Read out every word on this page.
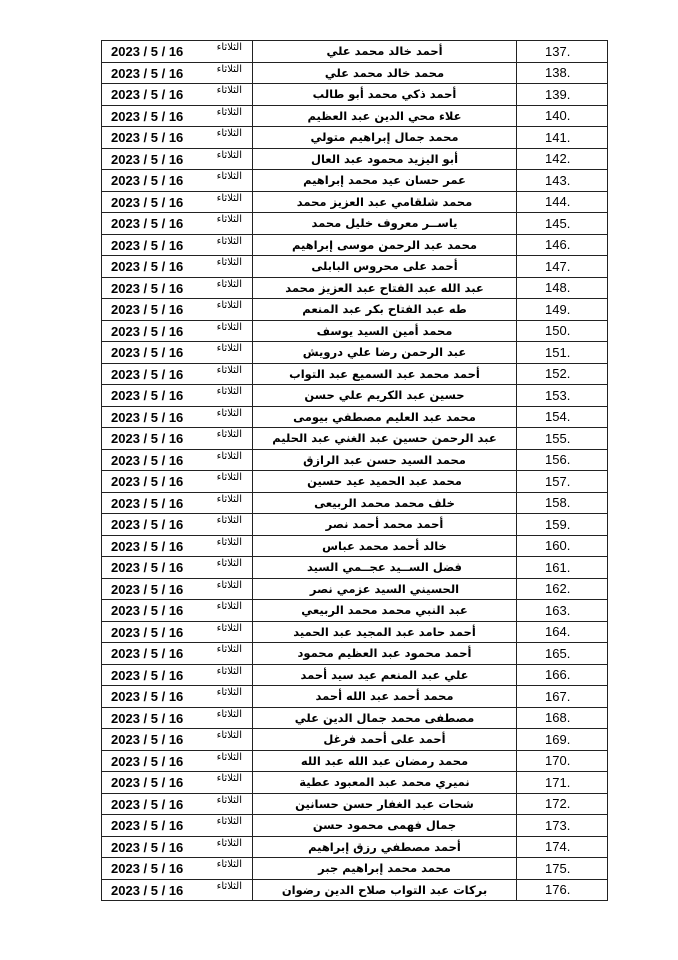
137.	أحمد خالد محمد علي	الثلاثاء
2023 / 5 / 16

138.	محمد خالد محمد علي	الثلاثاء
2023 / 5 / 16

139.	أحمد ذكي محمد أبو طالب	الثلاثاء
2023 / 5 / 16

140.	علاء محي الدين عبد العظيم	الثلاثاء
2023 / 5 / 16

141.	محمد جمال إبراهيم متولي	الثلاثاء
2023 / 5 / 16

142.	أبو اليزيد محمود عبد العال	الثلاثاء
2023 / 5 / 16

143.	عمر حسان عيد محمد إبراهيم	الثلاثاء
2023 / 5 / 16

144.	محمد شلقامي عبد العزيز محمد	الثلاثاء
2023 / 5 / 16

145.	ياســر معروف خليل محمد	الثلاثاء
2023 / 5 / 16

146.	محمد عبد الرحمن موسى إبراهيم	الثلاثاء
2023 / 5 / 16

147.	أحمد على محروس البابلى	الثلاثاء
2023 / 5 / 16

148.	عبد الله عبد الفتاح عبد العزيز محمد	الثلاثاء
2023 / 5 / 16

149.	طه عبد الفتاح بكر عبد المنعم	الثلاثاء
2023 / 5 / 16

150.	محمد أمين السيد يوسف	الثلاثاء
2023 / 5 / 16

151.	عبد الرحمن رضا علي درويش	الثلاثاء
2023 / 5 / 16

152.	أحمد محمد عبد السميع عبد التواب	الثلاثاء
2023 / 5 / 16

153.	حسين عبد الكريم علي حسن	الثلاثاء
2023 / 5 / 16

154.	محمد عبد العليم مصطفي بيومى	الثلاثاء
2023 / 5 / 16

155.	عبد الرحمن حسين عبد الغني عبد الحليم	الثلاثاء
2023 / 5 / 16

156.	محمد السيد حسن عبد الرازق	الثلاثاء
2023 / 5 / 16

157.	محمد عبد الحميد عيد حسين	الثلاثاء
2023 / 5 / 16

158.	خلف محمد محمد الربيعى	الثلاثاء
2023 / 5 / 16

159.	أحمد محمد أحمد نصر	الثلاثاء
2023 / 5 / 16

160.	خالد أحمد محمد عباس	الثلاثاء
2023 / 5 / 16

161.	فضل الســيد عجــمي السيد	الثلاثاء
2023 / 5 / 16

162.	الحسيني السيد عزمي نصر	الثلاثاء
2023 / 5 / 16

163.	عبد النبي محمد محمد الربيعي	الثلاثاء
2023 / 5 / 16

164.	أحمد حامد عبد المجيد عبد الحميد	الثلاثاء
2023 / 5 / 16

165.	أحمد محمود عبد العظيم محمود	الثلاثاء
2023 / 5 / 16

166.	علي عبد المنعم عيد سيد أحمد	الثلاثاء
2023 / 5 / 16

167.	محمد أحمد عبد الله أحمد	الثلاثاء
2023 / 5 / 16

168.	مصطفى محمد جمال الدين علي	الثلاثاء
2023 / 5 / 16

169.	أحمد على أحمد فرغل	الثلاثاء
2023 / 5 / 16

170.	محمد رمضان عبد الله عبد الله	الثلاثاء
2023 / 5 / 16

171.	نميري محمد عبد المعبود عطية	الثلاثاء
2023 / 5 / 16

172.	شحات عبد الغفار حسن حسانين	الثلاثاء
2023 / 5 / 16

173.	جمال فهمى محمود حسن	الثلاثاء
2023 / 5 / 16

174.	أحمد مصطفي رزق إبراهيم	الثلاثاء
2023 / 5 / 16

175.	محمد محمد إبراهيم جبر	الثلاثاء
2023 / 5 / 16

176.	بركات عبد التواب صلاح الدين رضوان	الثلاثاء
2023 / 5 / 16
